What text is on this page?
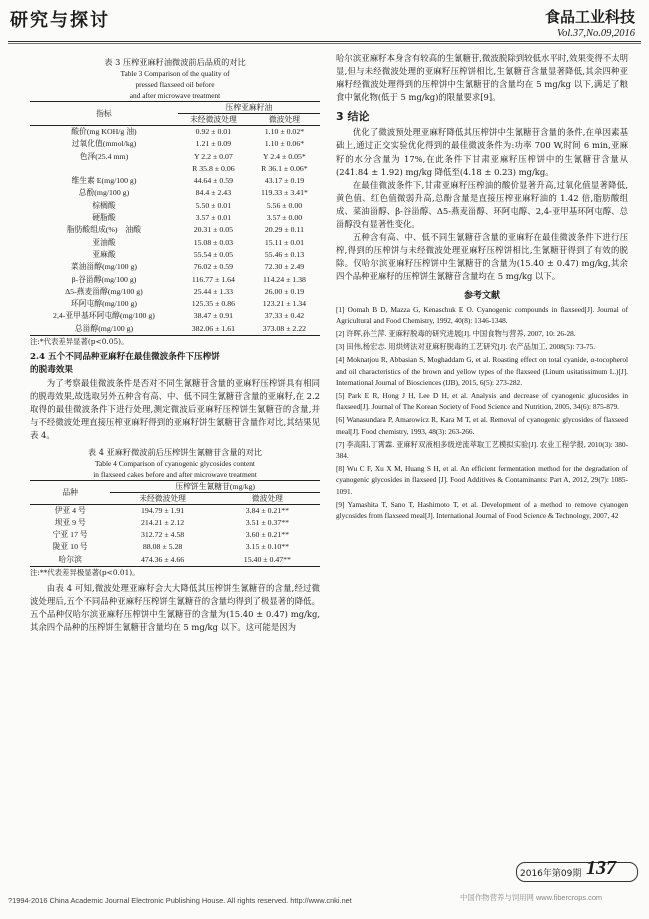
研究与探讨	食品工业科技
Vol.37,No.09,2016
表 3 压榨亚麻籽油微波前后品质的对比
Table 3 Comparison of the quality of
pressed flaxseed oil before
and after microwave treatment
指标	压榨亚麻籽油	
	未经微波处理	微波处理
酸价(mg KOH/g 油)	0.92 ± 0.01	1.10 ± 0.02*
过氧化值(mmol/kg)	1.21 ± 0.09	1.10 ± 0.06*
色泽(25.4 mm)	Y 2.2 ± 0.07	Y 2.4 ± 0.05*
	R 35.8 ± 0.06	R 36.1 ± 0.06*
维生素 E(mg/100 g)	44.64 ± 0.59	43.17 ± 0.19
总酚(mg/100 g)	84.4 ± 2.43	119.33 ± 3.41*
棕榈酸	5.50 ± 0.01	5.56 ± 0.00
硬脂酸	3.57 ± 0.01	3.57 ± 0.00
脂肪酸组成(%) 油酸	20.31 ± 0.05	20.29 ± 0.11
亚油酸	15.08 ± 0.03	15.11 ± 0.01
亚麻酸	55.54 ± 0.05	55.46 ± 0.13
菜油甾醇(mg/100 g)	76.02 ± 0.59	72.30 ± 2.49
β-谷甾醇(mg/100 g)	116.77 ± 1.64	114.24 ± 1.38
Δ5-燕麦甾醇(mg/100 g)	25.44 ± 1.33	26.00 ± 0.19
环阿屯醇(mg/100 g)	125.35 ± 0.86	123.21 ± 1.34
2,4-亚甲基环阿屯醇(mg/100 g)	38.47 ± 0.91	37.33 ± 0.42
总甾醇(mg/100 g)	382.06 ± 1.61	373.08 ± 2.22
注:*代表差异显著(p<0.05)。
2.4 五个不同品种亚麻籽在最佳微波条件下压榨饼
的脱毒效果

为了考察最佳微波条件是否对不同生氰糖苷含量的亚麻籽压榨饼具有相同的脱毒效果,故选取另外五种含有高、中、低不同生氰糖苷含量的亚麻籽,在 2.2 取得的最佳微波条件下进行处理,测定微波后亚麻籽压榨饼生氰糖苷的含量,并与不经微波处理直接压榨亚麻籽得到的亚麻籽饼生氰糖苷含量作对比,其结果见表 4。

表 4 亚麻籽微波前后压榨饼生氰糖苷含量的对比
Table 4 Comparison of cyanogenic glycosides content
in flaxseed cakes before and after microwave treatment
品种	压榨饼生氰糖苷(mg/kg)	
	未经微波处理	微波处理
伊亚 4 号	194.79 ± 1.91	3.84 ± 0.21**
坝亚 9 号	214.21 ± 2.12	3.51 ± 0.37**
宁亚 17 号	312.72 ± 4.58	3.60 ± 0.21**
陇亚 10 号	88.08 ± 5.28	3.15 ± 0.10**
哈尔滨	474.36 ± 4.66	15.40 ± 0.47**
注:**代表差异极显著(p<0.01)。

由表 4 可知,微波处理亚麻籽会大大降低其压榨饼生氰糖苷的含量,经过微波处理后,五个不同品种亚麻籽压榨饼生氰糖苷的含量均得到了极显著的降低。五个品种仅哈尔滨亚麻籽压榨饼中生氰糖苷的含量为(15.40 ± 0.47) mg/kg,其余四个品种的压榨饼生氰糖苷含量均在 5 mg/kg 以下。这可能是因为

哈尔滨亚麻籽本身含有较高的生氰糖苷,微波脱除到较低水平时,效果变得不太明显,但与未经微波处理的亚麻籽压榨饼相比,生氰糖苷含量显著降低,其余四种亚麻籽经微波处理得到的压榨饼中生氰糖苷的含量均在 5 mg/kg 以下,满足了粮食中氰化物(低于 5 mg/kg)的限量要求[9]。

3 结论

优化了微波预处理亚麻籽降低其压榨饼中生氰糖苷含量的条件,在单因素基础上,通过正交实验优化得到的最佳微波条件为:功率 700 W,时间 6 min,亚麻籽的水分含量为 17%,在此条件下甘肃亚麻籽压榨饼中的生氰糖苷含量从(241.84 ± 1.92) mg/kg 降低至(4.18 ± 0.23) mg/kg。

在最佳微波条件下,甘肃亚麻籽压榨油的酸价显著升高,过氧化值显著降低,黄色值、红色值微弱升高,总酚含量是直接压榨亚麻籽油的 1.42 倍,脂肪酸组成、菜油甾醇、β-谷甾醇、Δ5-燕麦甾醇、环阿屯醇、2,4-亚甲基环阿屯醇、总甾醇没有显著性变化。

五种含有高、中、低不同生氰糖苷含量的亚麻籽在最佳微波条件下进行压榨,得到的压榨饼与未经微波处理亚麻籽压榨饼相比,生氰糖苷得到了有效的脱除。仅哈尔滨亚麻籽压榨饼中生氰糖苷的含量为(15.40 ± 0.47) mg/kg,其余四个品种亚麻籽的压榨饼生氰糖苷含量均在 5 mg/kg 以下。

参考文献

[1] Oomah B D, Mazza G, Kenaschuk E O. Cyanogenic compounds in flaxseed[J]. Journal of Agricultural and Food Chemistry, 1992, 40(8): 1346-1348.

[2] 许晖,孙兰萍. 亚麻籽脱毒的研究进展[J]. 中国食物与营养, 2007, 10: 26-28.

[3] 田伟,杨宏志. 用烘烤法对亚麻籽脱毒的工艺研究[J]. 农产品加工, 2008(5): 73-75.

[4] Moknatjou R, Abbasian S, Moghaddam G, et al. Roasting effect on total cyanide, α-tocopherol and oil characteristics of the brown and yellow types of the flaxseed (Linum usitatissimum L.)[J]. International Journal of Biosciences (IJB), 2015, 6(5): 273-282.

[5] Park E R, Hong J H, Lee D H, et al. Analysis and decrease of cyanogenic glucosides in flaxseed[J]. Journal of The Korean Society of Food Science and Nutrition, 2005, 34(6): 875-879.

[6] Wanasundara P, Amarowicz R, Kara M T, et al. Removal of cyanogenic glycosides of flaxseed meal[J]. Food chemistry, 1993, 48(3): 263-266.

[7] 李高阳,丁霄霖. 亚麻籽双液相多级逆流萃取工艺模拟实验[J]. 农业工程学报, 2010(3): 380-384.

[8] Wu C F, Xu X M, Huang S H, et al. An efficient fermentation method for the degradation of cyanogenic glycosides in flaxseed [J]. Food Additives & Contaminants: Part A, 2012, 29(7): 1085-1091.

[9] Yamashita T, Sano T, Hashimoto T, et al. Development of a method to remove cyanogen glycosides from flaxseed meal[J]. International Journal of Food Science & Technology, 2007, 42

2016年第09期 137
?1994-2016 China Academic Journal Electronic Publishing House. All rights reserved. http://www.cnki.net	中国作物营养与饲用网 www.fibercrops.com
